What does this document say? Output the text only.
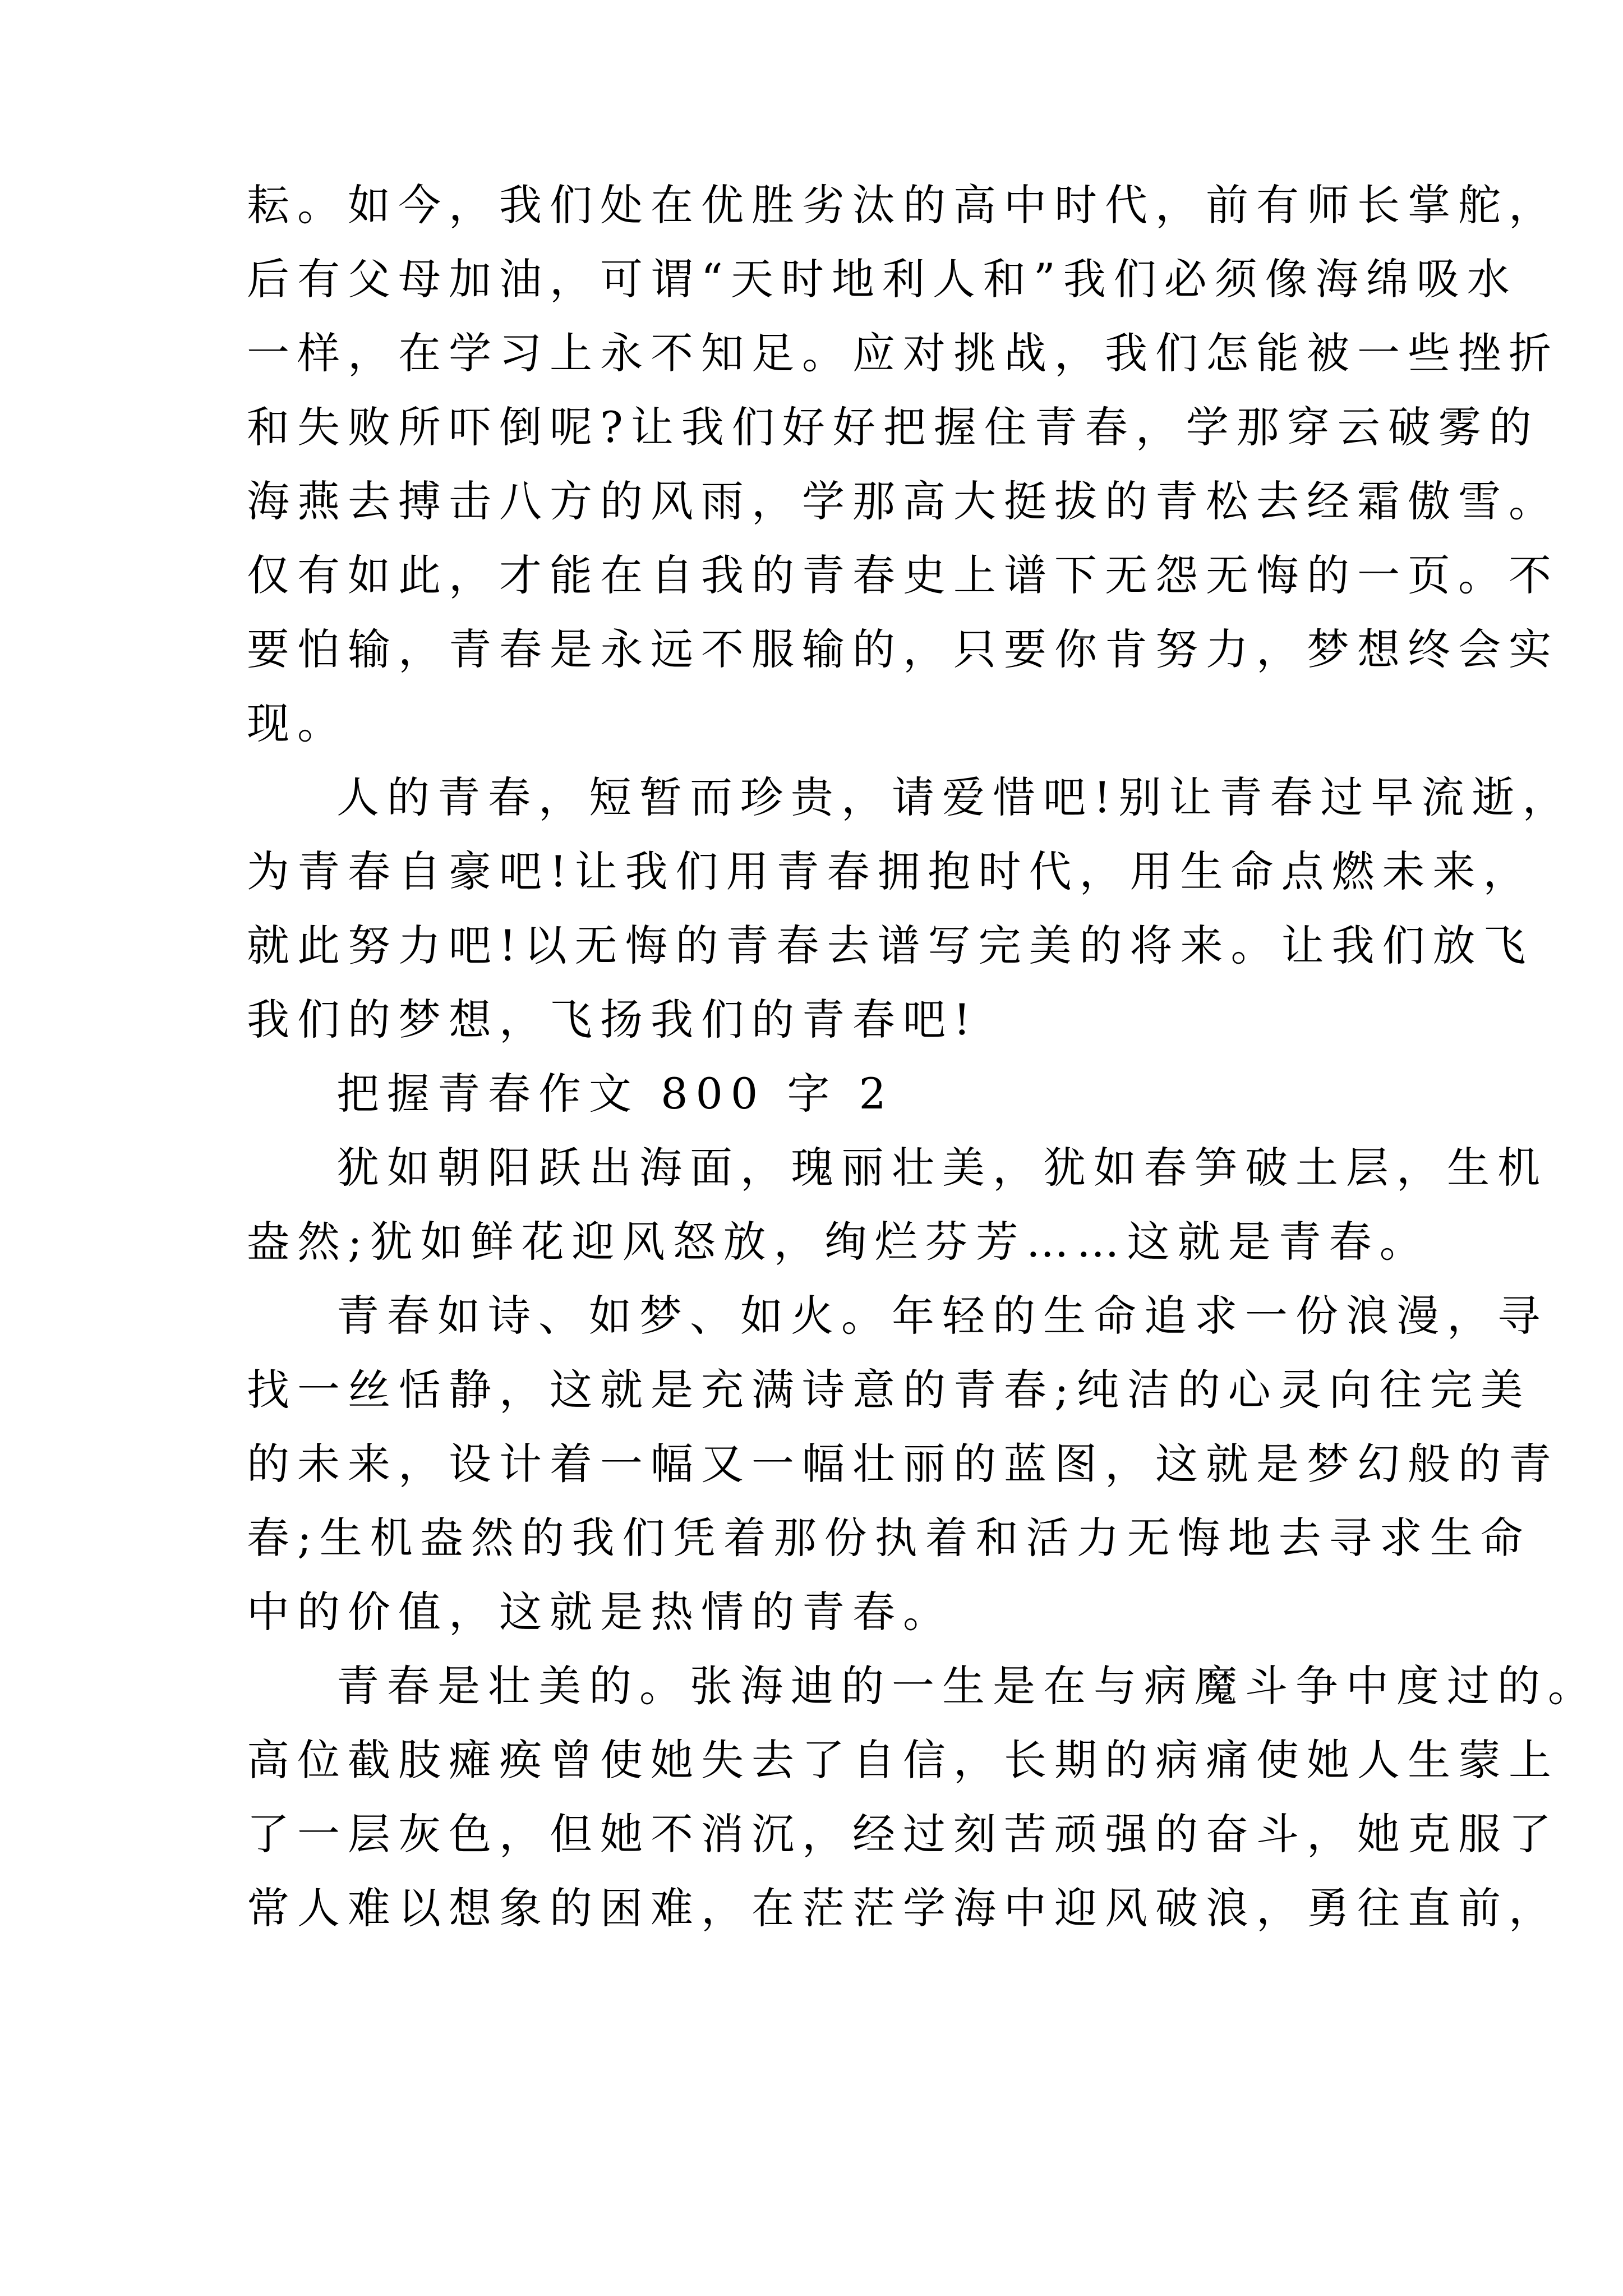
耘。如今，我们处在优胜劣汰的高中时代，前有师长掌舵，
后有父母加油，可谓“天时地利人和”我们必须像海绵吸水
一样，在学习上永不知足。应对挑战，我们怎能被一些挫折
和失败所吓倒呢?让我们好好把握住青春，学那穿云破雾的
海燕去搏击八方的风雨，学那高大挺拔的青松去经霜傲雪。
仅有如此，才能在自我的青春史上谱下无怨无悔的一页。不
要怕输，青春是永远不服输的，只要你肯努力，梦想终会实
现。
人的青春，短暂而珍贵，请爱惜吧!别让青春过早流逝，
为青春自豪吧!让我们用青春拥抱时代，用生命点燃未来，
就此努力吧!以无悔的青春去谱写完美的将来。让我们放飞
我们的梦想，飞扬我们的青春吧!
把握青春作文 800 字 2
犹如朝阳跃出海面，瑰丽壮美，犹如春笋破土层，生机
盎然;犹如鲜花迎风怒放，绚烂芬芳……这就是青春。
青春如诗、如梦、如火。年轻的生命追求一份浪漫，寻
找一丝恬静，这就是充满诗意的青春;纯洁的心灵向往完美
的未来，设计着一幅又一幅壮丽的蓝图，这就是梦幻般的青
春;生机盎然的我们凭着那份执着和活力无悔地去寻求生命
中的价值，这就是热情的青春。
青春是壮美的。张海迪的一生是在与病魔斗争中度过的。
高位截肢瘫痪曾使她失去了自信，长期的病痛使她人生蒙上
了一层灰色，但她不消沉，经过刻苦顽强的奋斗，她克服了
常人难以想象的困难，在茫茫学海中迎风破浪，勇往直前，
